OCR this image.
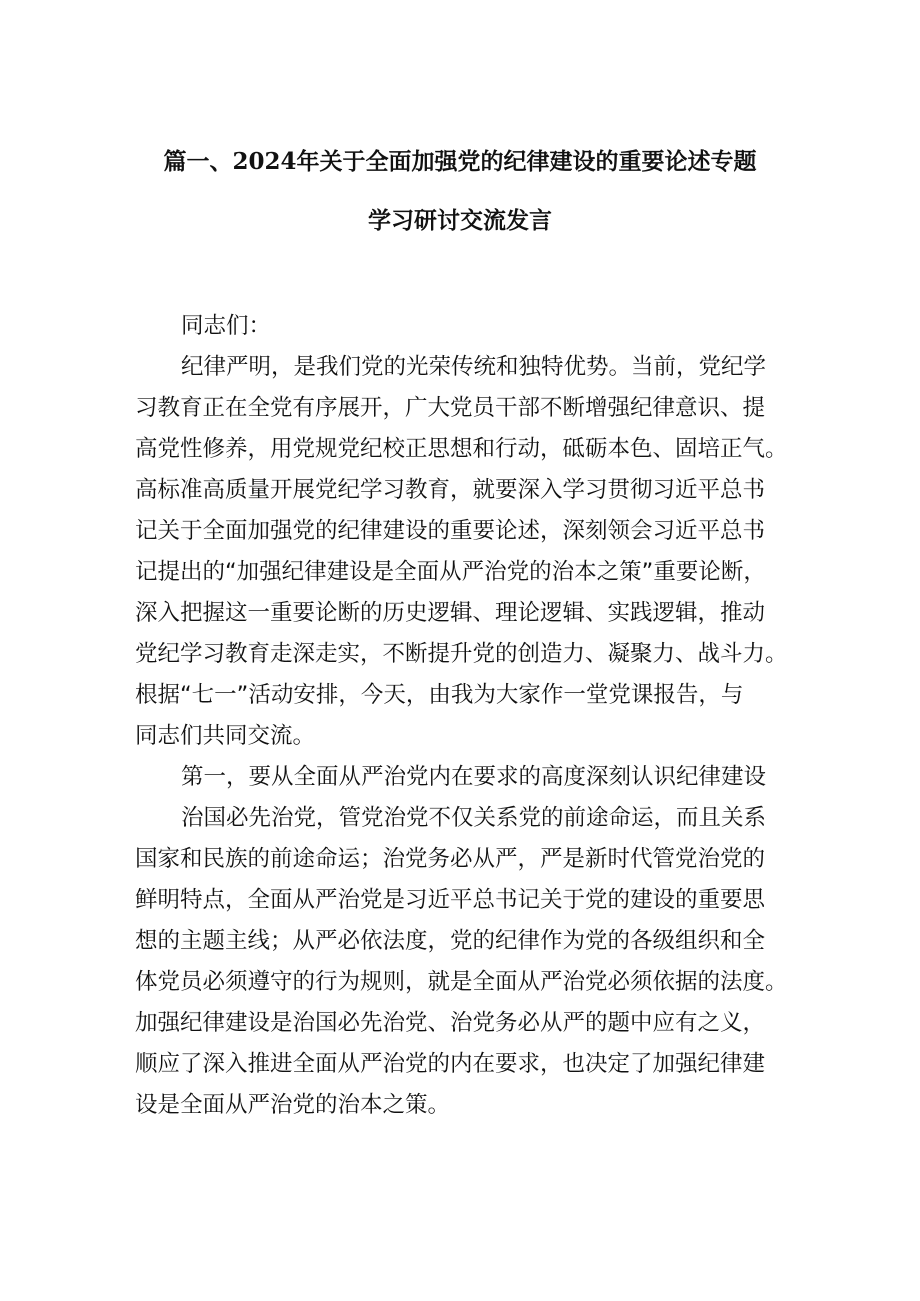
篇一、2024年关于全面加强党的纪律建设的重要论述专题
学习研讨交流发言
同志们：
纪律严明，是我们党的光荣传统和独特优势。当前，党纪学
习教育正在全党有序展开，广大党员干部不断增强纪律意识、提
高党性修养，用党规党纪校正思想和行动，砥砺本色、固培正气。
高标准高质量开展党纪学习教育，就要深入学习贯彻习近平总书
记关于全面加强党的纪律建设的重要论述，深刻领会习近平总书
记提出的“加强纪律建设是全面从严治党的治本之策”重要论断，
深入把握这一重要论断的历史逻辑、理论逻辑、实践逻辑，推动
党纪学习教育走深走实，不断提升党的创造力、凝聚力、战斗力。
根据“七一”活动安排，今天，由我为大家作一堂党课报告，与
同志们共同交流。
第一，要从全面从严治党内在要求的高度深刻认识纪律建设
治国必先治党，管党治党不仅关系党的前途命运，而且关系
国家和民族的前途命运；治党务必从严，严是新时代管党治党的
鲜明特点，全面从严治党是习近平总书记关于党的建设的重要思
想的主题主线；从严必依法度，党的纪律作为党的各级组织和全
体党员必须遵守的行为规则，就是全面从严治党必须依据的法度。
加强纪律建设是治国必先治党、治党务必从严的题中应有之义，
顺应了深入推进全面从严治党的内在要求，也决定了加强纪律建
设是全面从严治党的治本之策。
